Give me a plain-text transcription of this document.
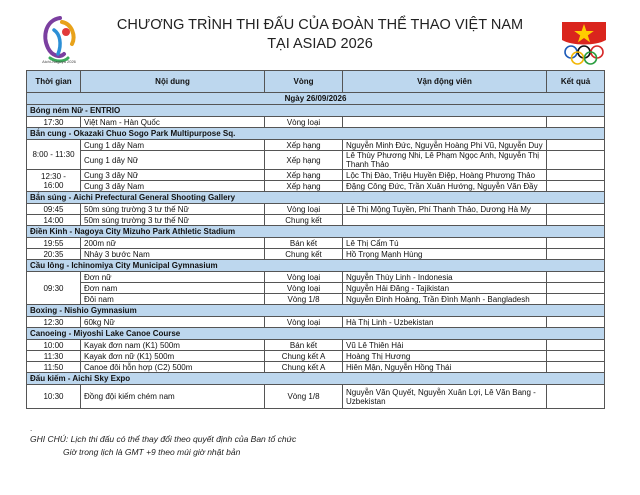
Aichi-Nagoya 2026
CHƯƠNG TRÌNH THI ĐẤU CỦA ĐOÀN THỂ THAO VIỆT NAM
TẠI ASIAD 2026
Thời gian	Nội dung	Vòng	Vận động viên	Kết quả
Ngày 26/09/2026				
Bóng ném Nữ - ENTRIO				
17:30	Việt Nam - Hàn Quốc	Vòng loại		
Bắn cung - Okazaki Chuo Sogo Park Multipurpose Sq.				
8:00 - 11:30	Cung 1 dây Nam	Xếp hạng	Nguyễn Minh Đức, Nguyễn Hoàng Phi Vũ, Nguyễn Duy	
	Cung 1 dây Nữ	Xếp hạng	Lê Thùy Phương Nhi, Lê Phạm Ngọc Anh, Nguyễn Thị Thanh Thảo	
12:30 - 16:00	Cung 3 dây Nữ	Xếp hạng	Lộc Thị Đào, Triệu Huyền Điệp, Hoàng Phương Thảo	
	Cung 3 dây Nam	Xếp hạng	Đặng Công Đức, Trần Xuân Hướng, Nguyễn Văn Đầy	
Bắn súng - Aichi Prefectural General Shooting Gallery				
09:45	50m súng trường 3 tư thế Nữ	Vòng loại	Lê Thị Mộng Tuyền, Phí Thanh Thảo, Dương Hà My	
14:00	50m súng trường 3 tư thế Nữ	Chung kết		
Điền Kinh - Nagoya City Mizuho Park Athletic Stadium				
19:55	200m nữ	Bán kết	Lê Thị Cẩm Tú	
20:35	Nhảy 3 bước Nam	Chung kết	Hồ Trọng Mạnh Hùng	
Cầu lông - Ichinomiya City Municipal Gymnasium				
09:30	Đơn nữ	Vòng loại	Nguyễn Thùy Linh - Indonesia	
	Đơn nam	Vòng loại	Nguyễn Hải Đăng - Tajikistan	
	Đôi nam	Vòng 1/8	Nguyễn Đình Hoàng, Trần Đình Mạnh - Bangladesh	
Boxing - Nishio Gymnasium				
12:30	60kg Nữ	Vòng loại	Hà Thị Linh - Uzbekistan	
Canoeing - Miyoshi Lake Canoe Course				
10:00	Kayak đơn nam (K1) 500m	Bán kết	Vũ Lê Thiên Hải	
11:30	Kayak đơn nữ (K1) 500m	Chung kết A	Hoàng Thị Hương	
11:50	Canoe đôi hỗn hợp (C2) 500m	Chung kết A	Hiên Mận, Nguyễn Hồng Thái	
Đấu kiếm - Aichi Sky Expo				
10:30	Đồng đội kiếm chém nam	Vòng 1/8	Nguyễn Văn Quyết, Nguyễn Xuân Lợi, Lê Văn Bang - Uzbekistan	
.
GHI CHÚ: Lịch thi đấu có thể thay đổi theo quyết định của Ban tổ chức
Giờ trong lịch là GMT +9 theo múi giờ nhật bản
